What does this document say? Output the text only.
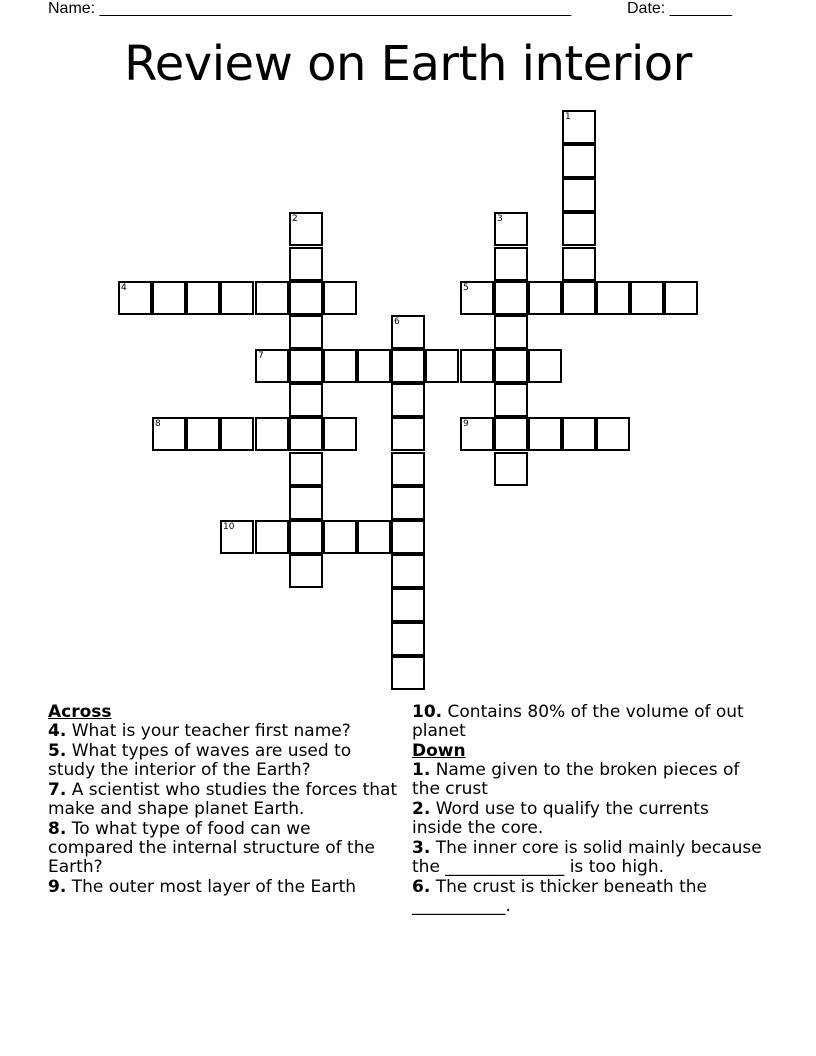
Name: _____________________________________________________	Date: _______
Review on Earth interior
1
2	3
4	5
6
7
8	9
10

Across

4. What is your teacher first name?

5. What types of waves are used to study the interior of the Earth?

7. A scientist who studies the forces that make and shape planet Earth.

8. To what type of food can we compared the internal structure of the Earth?

9. The outer most layer of the Earth

10. Contains 80% of the volume of out planet

Down

1. Name given to the broken pieces of the crust

2. Word use to qualify the currents inside the core.

3. The inner core is solid mainly because the ______________ is too high.

6. The crust is thicker beneath the ___________.
